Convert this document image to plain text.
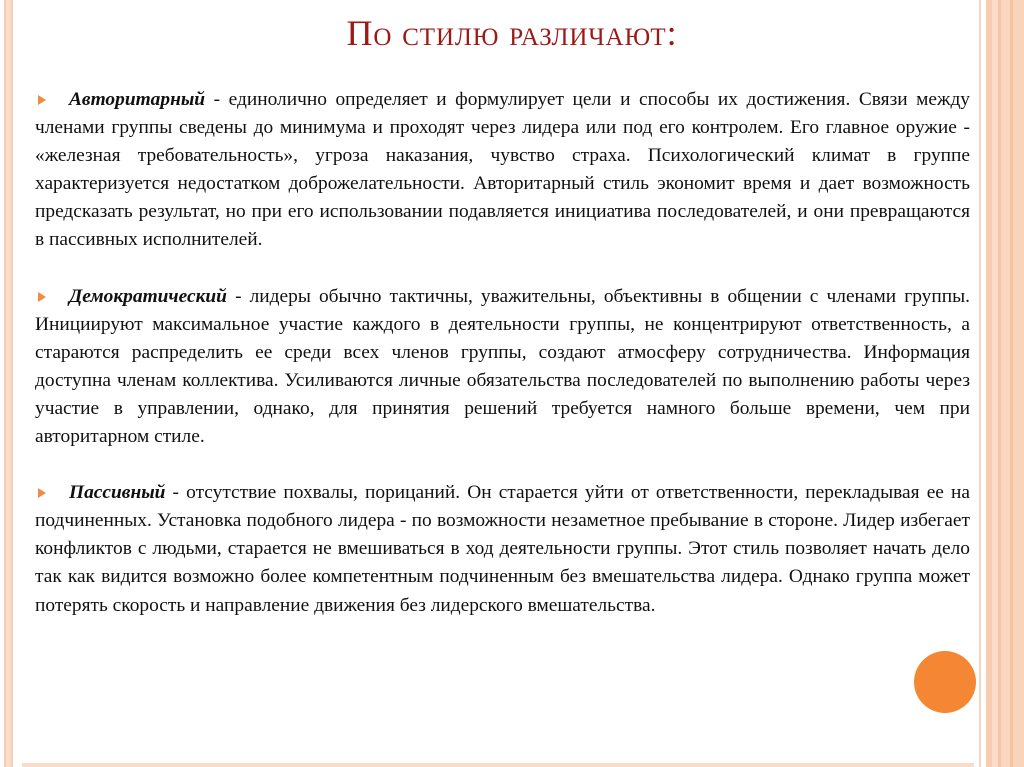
По стилю различают:

Авторитарный - единолично определяет и формулирует цели и способы их достижения. Связи между членами группы сведены до минимума и проходят через лидера или под его контролем. Его главное оружие - «железная требовательность», угроза наказания, чувство страха. Психологический климат в группе характеризуется недостатком доброжелательности. Авторитарный стиль экономит время и дает возможность предсказать результат, но при его использовании подавляется инициатива последователей, и они превращаются в пассивных исполнителей.

Демократический - лидеры обычно тактичны, уважительны, объективны в общении с членами группы. Инициируют максимальное участие каждого в деятельности группы, не концентрируют ответственность, а стараются распределить ее среди всех членов группы, создают атмосферу сотрудничества. Информация доступна членам коллектива. Усиливаются личные обязательства последователей по выполнению работы через участие в управлении, однако, для принятия решений требуется намного больше времени, чем при авторитарном стиле.

Пассивный - отсутствие похвалы, порицаний. Он старается уйти от ответственности, перекладывая ее на подчиненных. Установка подобного лидера - по возможности незаметное пребывание в стороне. Лидер избегает конфликтов с людьми, старается не вмешиваться в ход деятельности группы. Этот стиль позволяет начать дело так как видится возможно более компетентным подчиненным без вмешательства лидера. Однако группа может потерять скорость и направление движения без лидерского вмешательства.
